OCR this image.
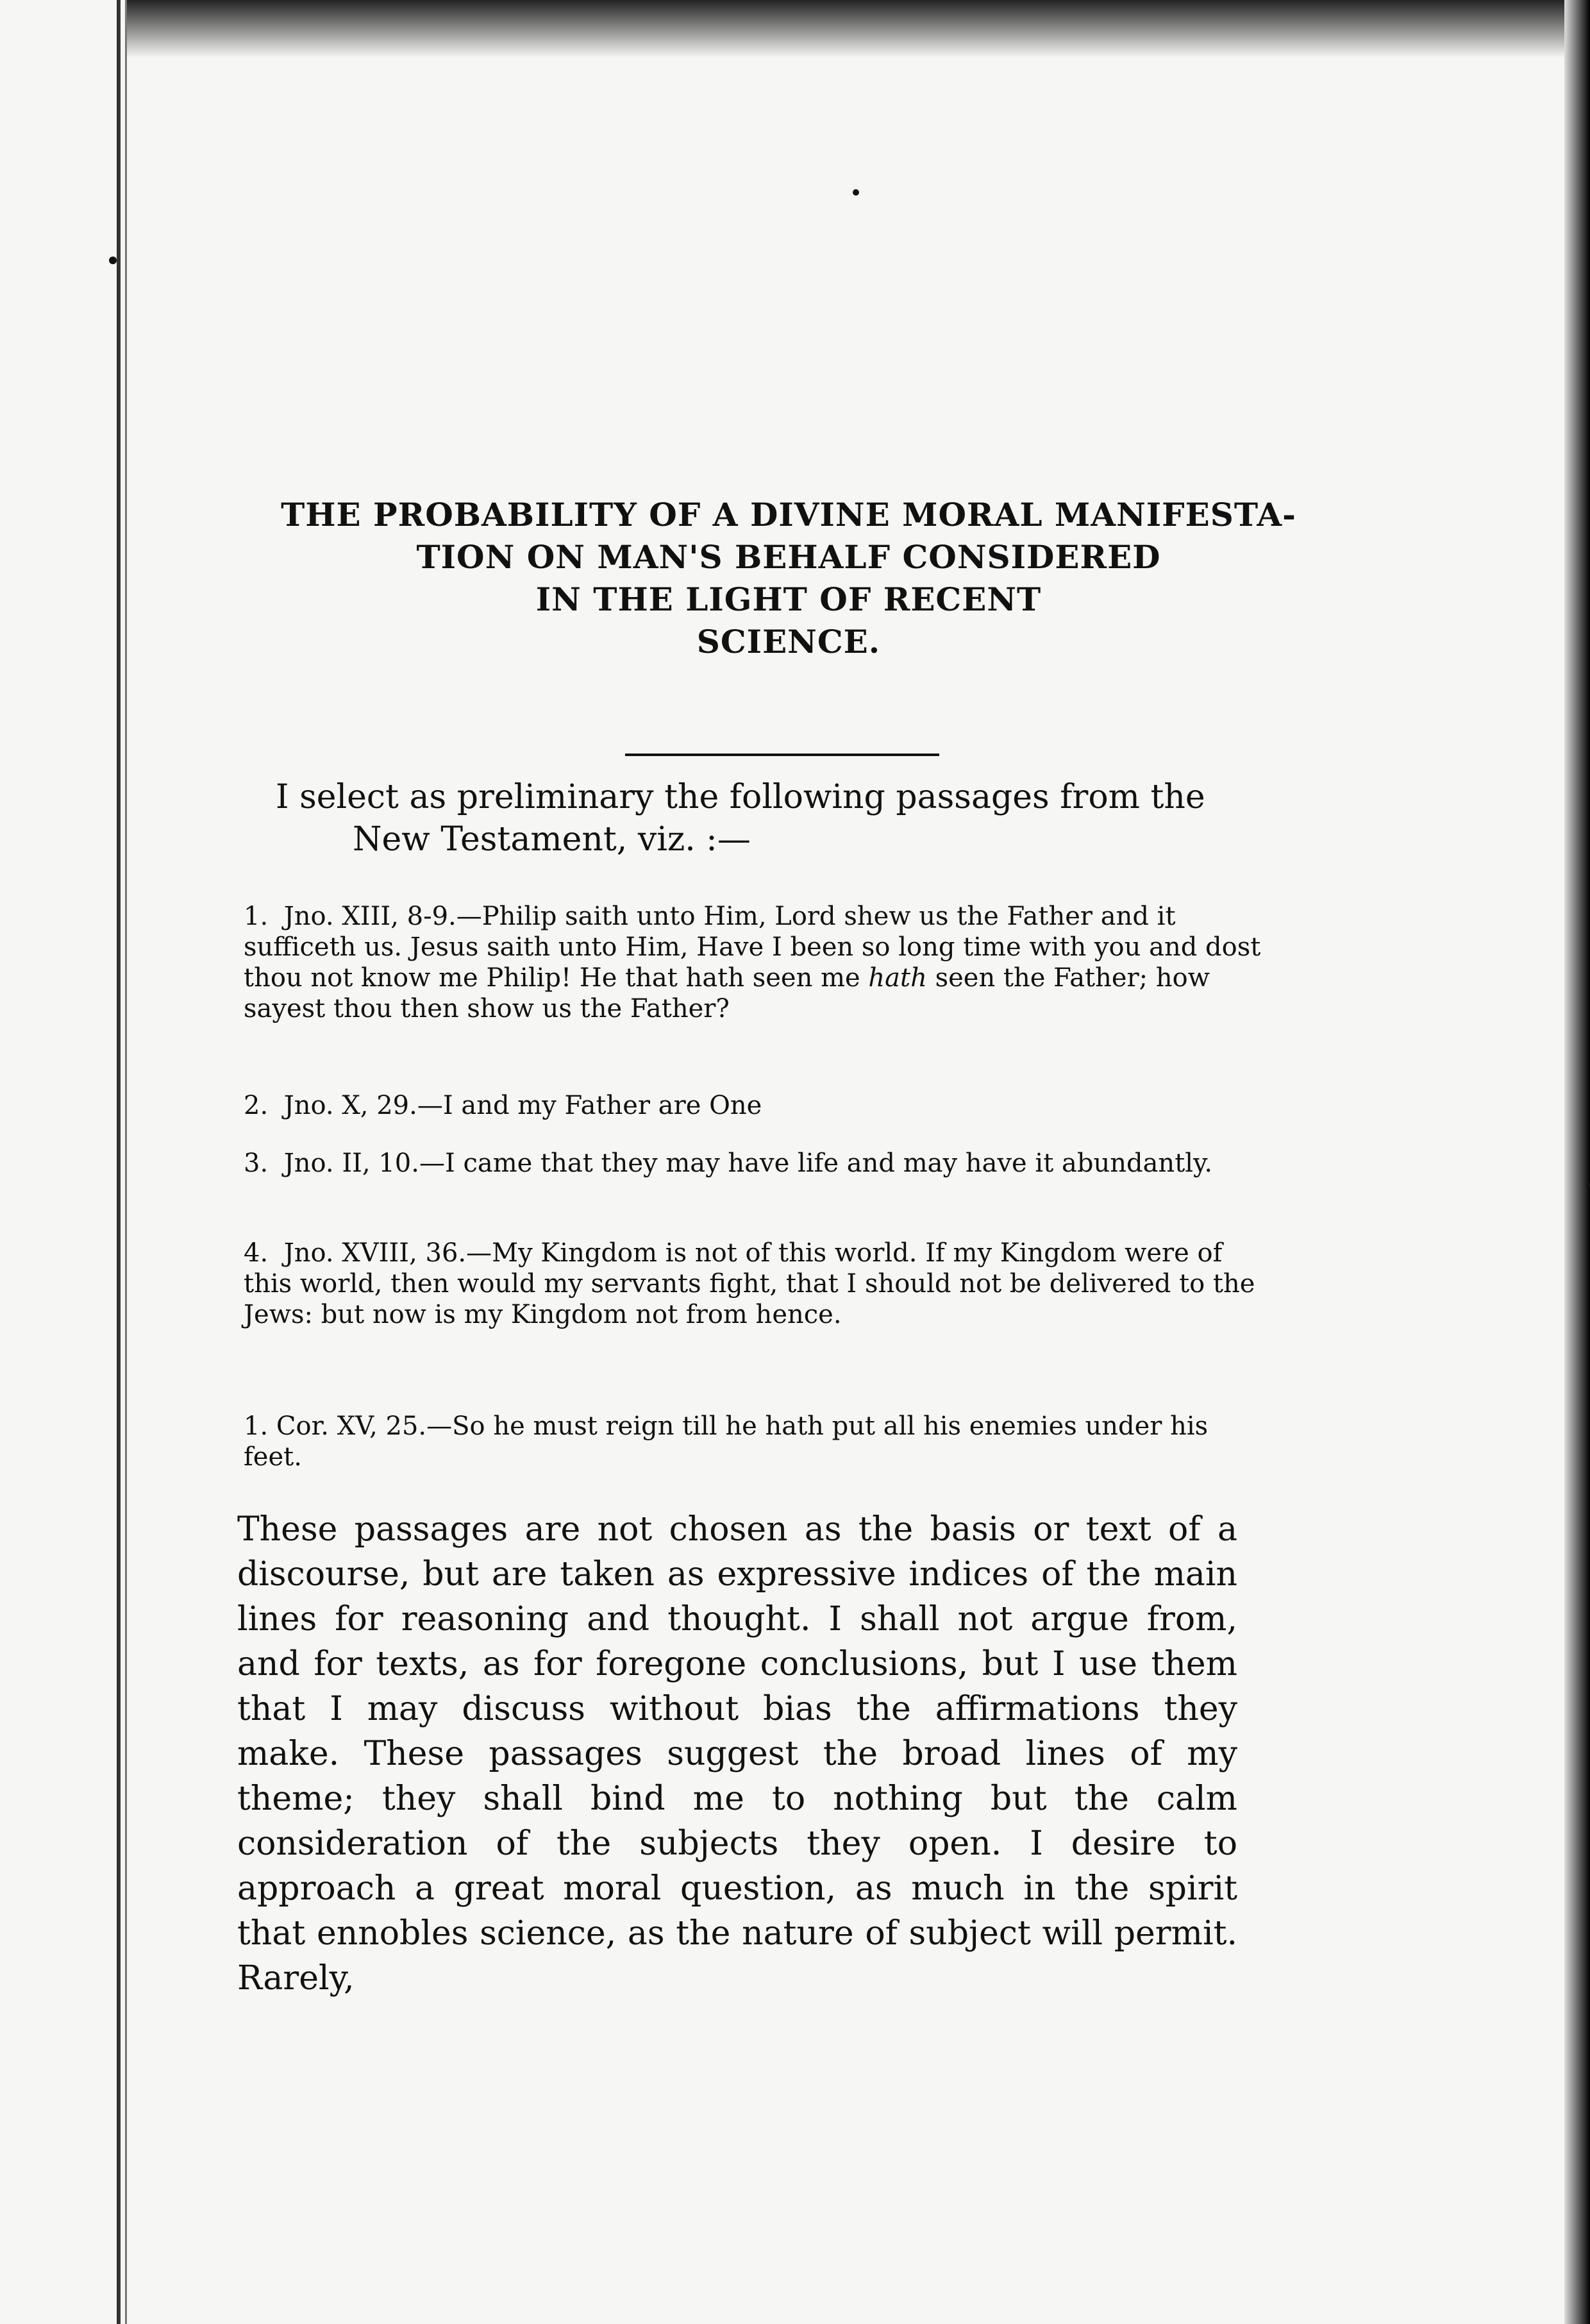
THE PROBABILITY OF A DIVINE MORAL MANIFESTA-
TION ON MAN'S BEHALF CONSIDERED
IN THE LIGHT OF RECENT
SCIENCE.
I select as preliminary the following passages from the
New Testament, viz. :—
1. Jno. XIII, 8-9.—Philip saith unto Him, Lord shew us the Father and it sufficeth us. Jesus saith unto Him, Have I been so long time with you and dost thou not know me Philip! He that hath seen me hath seen the Father; how sayest thou then show us the Father?
2. Jno. X, 29.—I and my Father are One
3. Jno. II, 10.—I came that they may have life and may have it abundantly.
4. Jno. XVIII, 36.—My Kingdom is not of this world. If my Kingdom were of this world, then would my servants fight, that I should not be delivered to the Jews: but now is my Kingdom not from hence.
1. Cor. XV, 25.—So he must reign till he hath put all his enemies under his feet.
These passages are not chosen as the basis or text of a discourse, but are taken as expressive indices of the main lines for reasoning and thought. I shall not argue from, and for texts, as for foregone conclusions, but I use them that I may discuss without bias the affirmations they make. These passages suggest the broad lines of my theme; they shall bind me to nothing but the calm consideration of the subjects they open. I desire to approach a great moral question, as much in the spirit that ennobles science, as the nature of subject will permit. Rarely,
